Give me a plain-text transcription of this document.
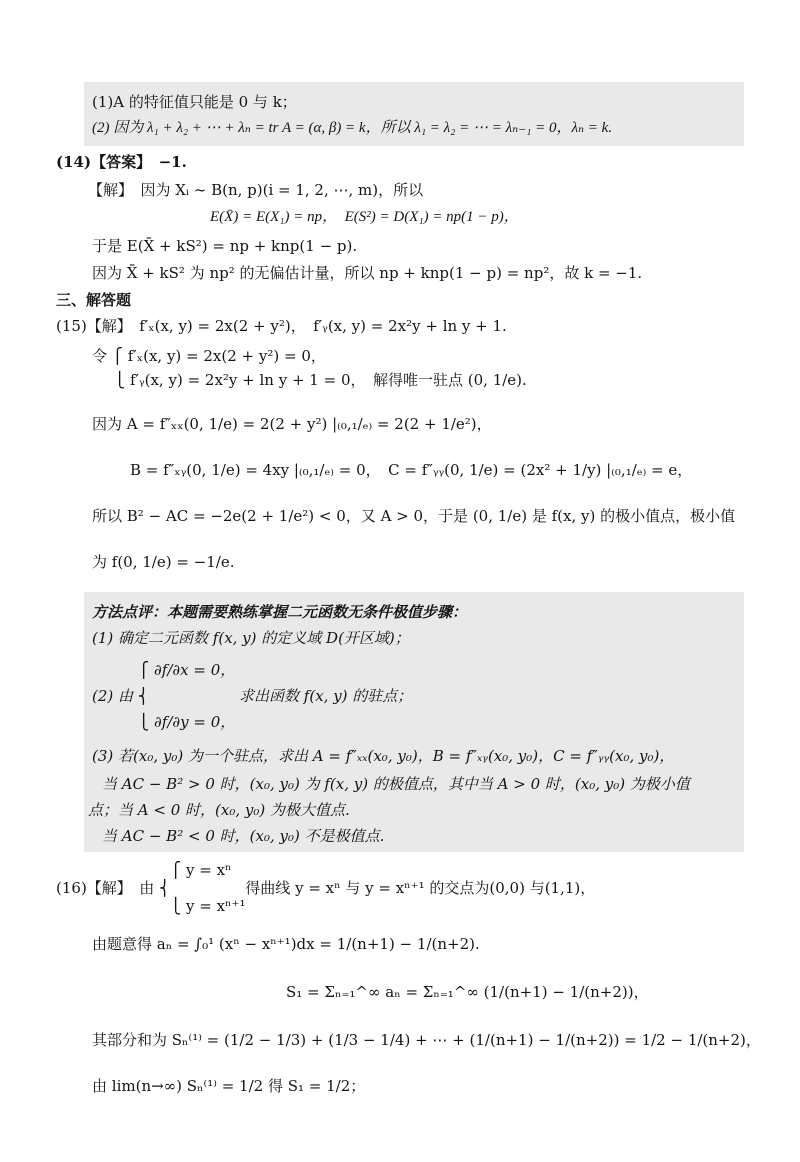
(1)A 的特征值只能是 0 与 k；
(2) 因为 λ₁ + λ₂ + ⋯ + λₙ = tr A = (α, β) = k，所以 λ₁ = λ₂ = ⋯ = λₙ₋₁ = 0，λₙ = k.
(14)【答案】　−1.
【解】　因为 Xᵢ ~ B(n, p)(i = 1, 2, ⋯, m)，所以
E(X̄) = E(X₁) = np，　E(S²) = D(X₁) = np(1 − p)，
于是 E(X̄ + kS²) = np + knp(1 − p).
因为 X̄ + kS² 为 np² 的无偏估计量，所以 np + knp(1 − p) = np²，故 k = −1.
三、解答题
(15)【解】　f′ₓ(x, y) = 2x(2 + y²)，　f′ᵧ(x, y) = 2x²y + ln y + 1.
令 ⎧ f′ₓ(x, y) = 2x(2 + y²) = 0，
⎩ f′ᵧ(x, y) = 2x²y + ln y + 1 = 0，　解得唯一驻点 (0, 1/e).
因为 A = f″ₓₓ(0, 1/e) = 2(2 + y²) |₍₀,₁/ₑ₎ = 2(2 + 1/e²)，
B = f″ₓᵧ(0, 1/e) = 4xy |₍₀,₁/ₑ₎ = 0，　C = f″ᵧᵧ(0, 1/e) = (2x² + 1/y) |₍₀,₁/ₑ₎ = e，
所以 B² − AC = −2e(2 + 1/e²) < 0，又 A > 0，于是 (0, 1/e) 是 f(x, y) 的极小值点，极小值
为 f(0, 1/e) = −1/e.
方法点评：本题需要熟练掌握二元函数无条件极值步骤：
(1) 确定二元函数 f(x, y) 的定义域 D(开区域)；
⎧ ∂f/∂x = 0，
(2) 由 ⎨　　　　　　求出函数 f(x, y) 的驻点；
⎩ ∂f/∂y = 0，
(3) 若(x₀, y₀) 为一个驻点，求出 A = f″ₓₓ(x₀, y₀)，B = f″ₓᵧ(x₀, y₀)，C = f″ᵧᵧ(x₀, y₀)，
当 AC − B² > 0 时，(x₀, y₀) 为 f(x, y) 的极值点，其中当 A > 0 时，(x₀, y₀) 为极小值
点；当 A < 0 时，(x₀, y₀) 为极大值点.
当 AC − B² < 0 时，(x₀, y₀) 不是极值点.
⎧ y = xⁿ
(16)【解】　由 ⎨　　　　　得曲线 y = xⁿ 与 y = xⁿ⁺¹ 的交点为(0,0) 与(1,1)，
⎩ y = xⁿ⁺¹
由题意得 aₙ = ∫₀¹ (xⁿ − xⁿ⁺¹)dx = 1/(n+1) − 1/(n+2).
S₁ = Σₙ₌₁^∞ aₙ = Σₙ₌₁^∞ (1/(n+1) − 1/(n+2))，
其部分和为 Sₙ⁽¹⁾ = (1/2 − 1/3) + (1/3 − 1/4) + ⋯ + (1/(n+1) − 1/(n+2)) = 1/2 − 1/(n+2)，
由 lim(n→∞) Sₙ⁽¹⁾ = 1/2 得 S₁ = 1/2；
